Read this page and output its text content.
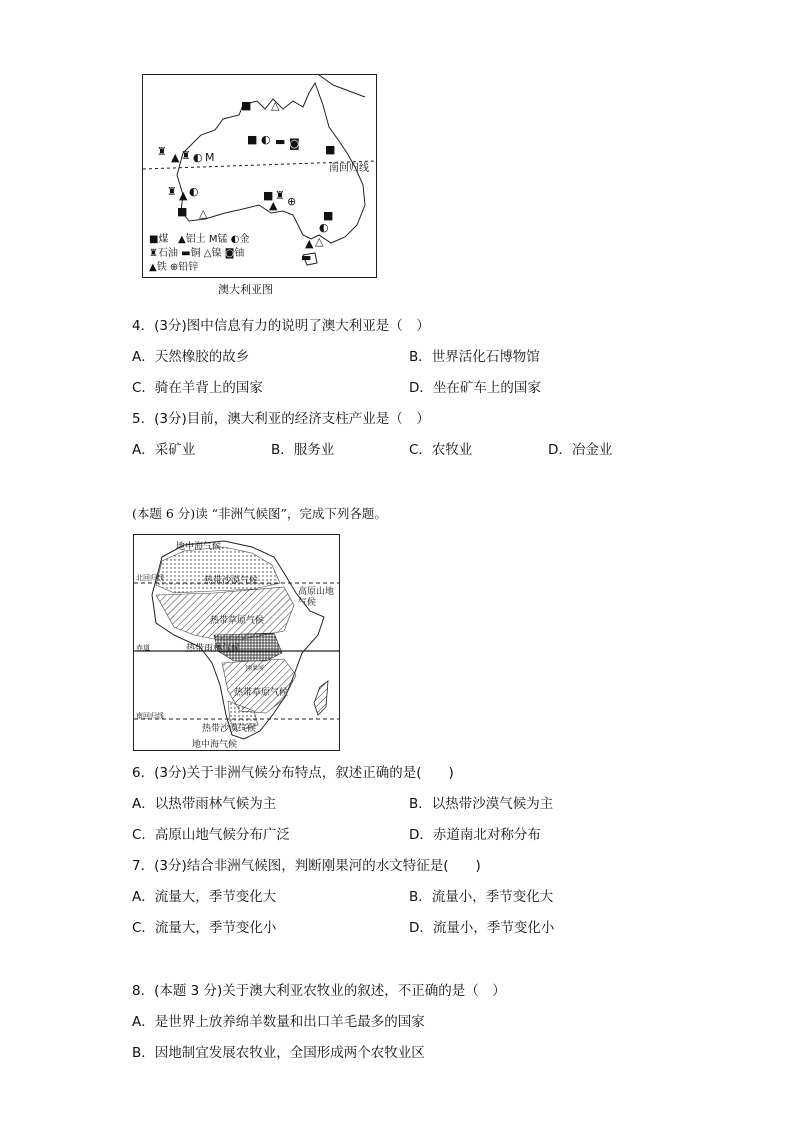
■ △
■ ◐ ▬ ◙
♜ ▲ ♜ ◐ M
■
♜ ▲ ◐
■ △
■ ♜ ⊕
▲
■
◐
▲ △
▬
南回归线
■煤 ▲铝土 M锰 ◐金
♜石油 ▬铜 △镍 ◙铀
▲铁 ⊕铅锌
澳大利亚图
4．(3分)图中信息有力的说明了澳大利亚是（　）
A．天然橡胶的故乡	B．世界活化石博物馆
C．骑在羊背上的国家	D．坐在矿车上的国家
5．(3分)目前，澳大利亚的经济支柱产业是（　）
A．采矿业	B．服务业	C．农牧业	D．冶金业
(本题 6 分)读 “非洲气候图”，完成下列各题。
地中海气候
热带沙漠气候
北回归线
高原山地气候
热带草原气候
赤道	热带雨林气候
刚果河
热带草原气候
南回归线
热带沙漠气候
地中海气候
6．(3分)关于非洲气候分布特点，叙述正确的是(　　)
A．以热带雨林气候为主	B．以热带沙漠气候为主
C．高原山地气候分布广泛	D．赤道南北对称分布
7．(3分)结合非洲气候图，判断刚果河的水文特征是(　　)
A．流量大，季节变化大	B．流量小，季节变化大
C．流量大，季节变化小	D．流量小，季节变化小
8．(本题 3 分)关于澳大利亚农牧业的叙述，不正确的是（　）
A．是世界上放养绵羊数量和出口羊毛最多的国家
B．因地制宜发展农牧业，全国形成两个农牧业区
